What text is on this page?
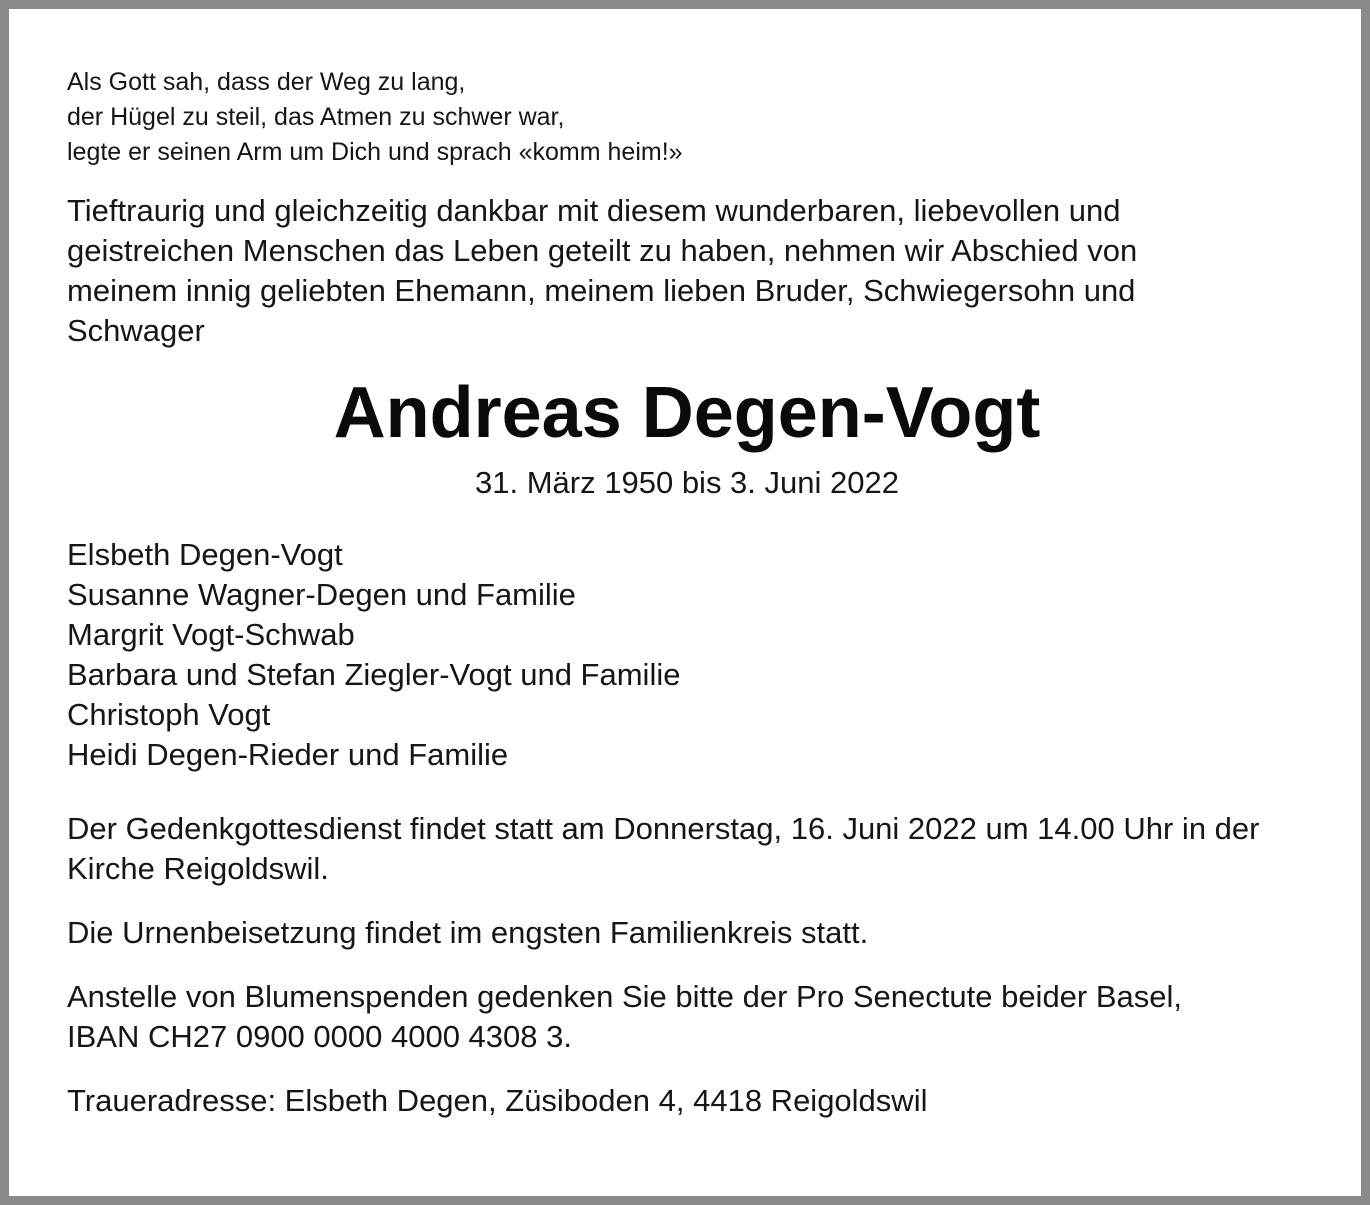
Als Gott sah, dass der Weg zu lang,
der Hügel zu steil, das Atmen zu schwer war,
legte er seinen Arm um Dich und sprach «komm heim!»

Tieftraurig und gleichzeitig dankbar mit diesem wunderbaren, liebevollen und geistreichen Menschen das Leben geteilt zu haben, nehmen wir Abschied von meinem innig geliebten Ehemann, meinem lieben Bruder, Schwiegersohn und Schwager

Andreas Degen-Vogt

31. März 1950 bis 3. Juni 2022

Elsbeth Degen-Vogt
Susanne Wagner-Degen und Familie
Margrit Vogt-Schwab
Barbara und Stefan Ziegler-Vogt und Familie
Christoph Vogt
Heidi Degen-Rieder und Familie

Der Gedenkgottesdienst findet statt am Donnerstag, 16. Juni 2022 um 14.00 Uhr in der Kirche Reigoldswil.

Die Urnenbeisetzung findet im engsten Familienkreis statt.

Anstelle von Blumenspenden gedenken Sie bitte der Pro Senectute beider Basel,
IBAN CH27 0900 0000 4000 4308 3.

Traueradresse: Elsbeth Degen, Züsiboden 4, 4418 Reigoldswil
